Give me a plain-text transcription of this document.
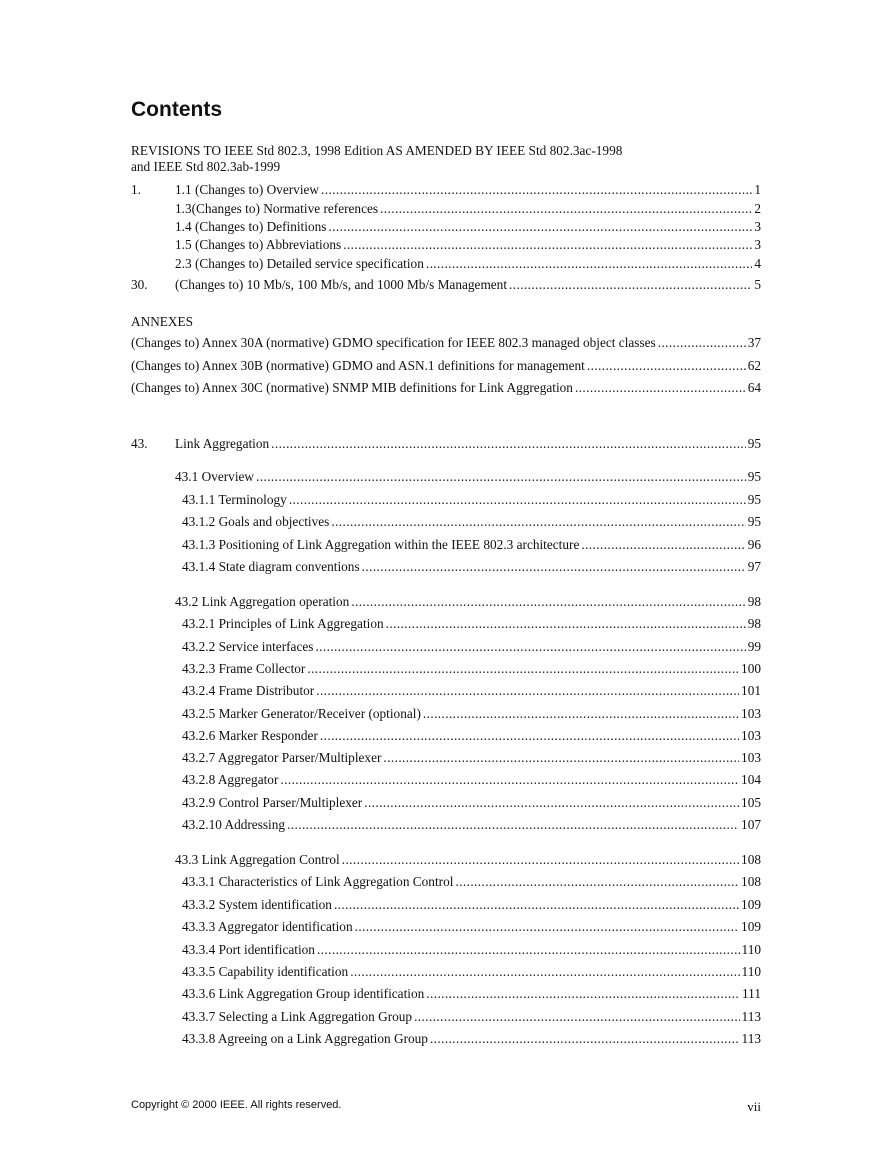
Contents
REVISIONS TO IEEE Std 802.3, 1998 Edition AS AMENDED BY IEEE Std 802.3ac-1998
and IEEE Std 802.3ab-1999
1.	1.1 (Changes to) Overview .....	1
1.3(Changes to) Normative references .....	2
1.4 (Changes to) Definitions .....	3
1.5 (Changes to) Abbreviations .....	3
2.3 (Changes to) Detailed service specification .....	4
30. (Changes to) 10 Mb/s, 100 Mb/s, and 1000 Mb/s Management .....	5
ANNEXES
(Changes to) Annex 30A (normative) GDMO specification for IEEE 802.3 managed object classes .....	37
(Changes to) Annex 30B (normative) GDMO and ASN.1 definitions for management .....	62
(Changes to) Annex 30C (normative) SNMP MIB definitions for Link Aggregation .....	64
43. Link Aggregation .....	95
43.1 Overview .....	95
43.1.1 Terminology .....	95
43.1.2 Goals and objectives .....	95
43.1.3 Positioning of Link Aggregation within the IEEE 802.3 architecture .....	96
43.1.4 State diagram conventions .....	97
43.2 Link Aggregation operation .....	98
43.2.1 Principles of Link Aggregation .....	98
43.2.2 Service interfaces .....	99
43.2.3 Frame Collector .....	100
43.2.4 Frame Distributor .....	101
43.2.5 Marker Generator/Receiver (optional) .....	103
43.2.6 Marker Responder .....	103
43.2.7 Aggregator Parser/Multiplexer .....	103
43.2.8 Aggregator .....	104
43.2.9 Control Parser/Multiplexer .....	105
43.2.10 Addressing .....	107
43.3 Link Aggregation Control .....	108
43.3.1 Characteristics of Link Aggregation Control .....	108
43.3.2 System identification .....	109
43.3.3 Aggregator identification .....	109
43.3.4 Port identification .....	110
43.3.5 Capability identification .....	110
43.3.6 Link Aggregation Group identification .....	111
43.3.7 Selecting a Link Aggregation Group .....	113
43.3.8 Agreeing on a Link Aggregation Group .....	113
Copyright © 2000 IEEE. All rights reserved.	vii
